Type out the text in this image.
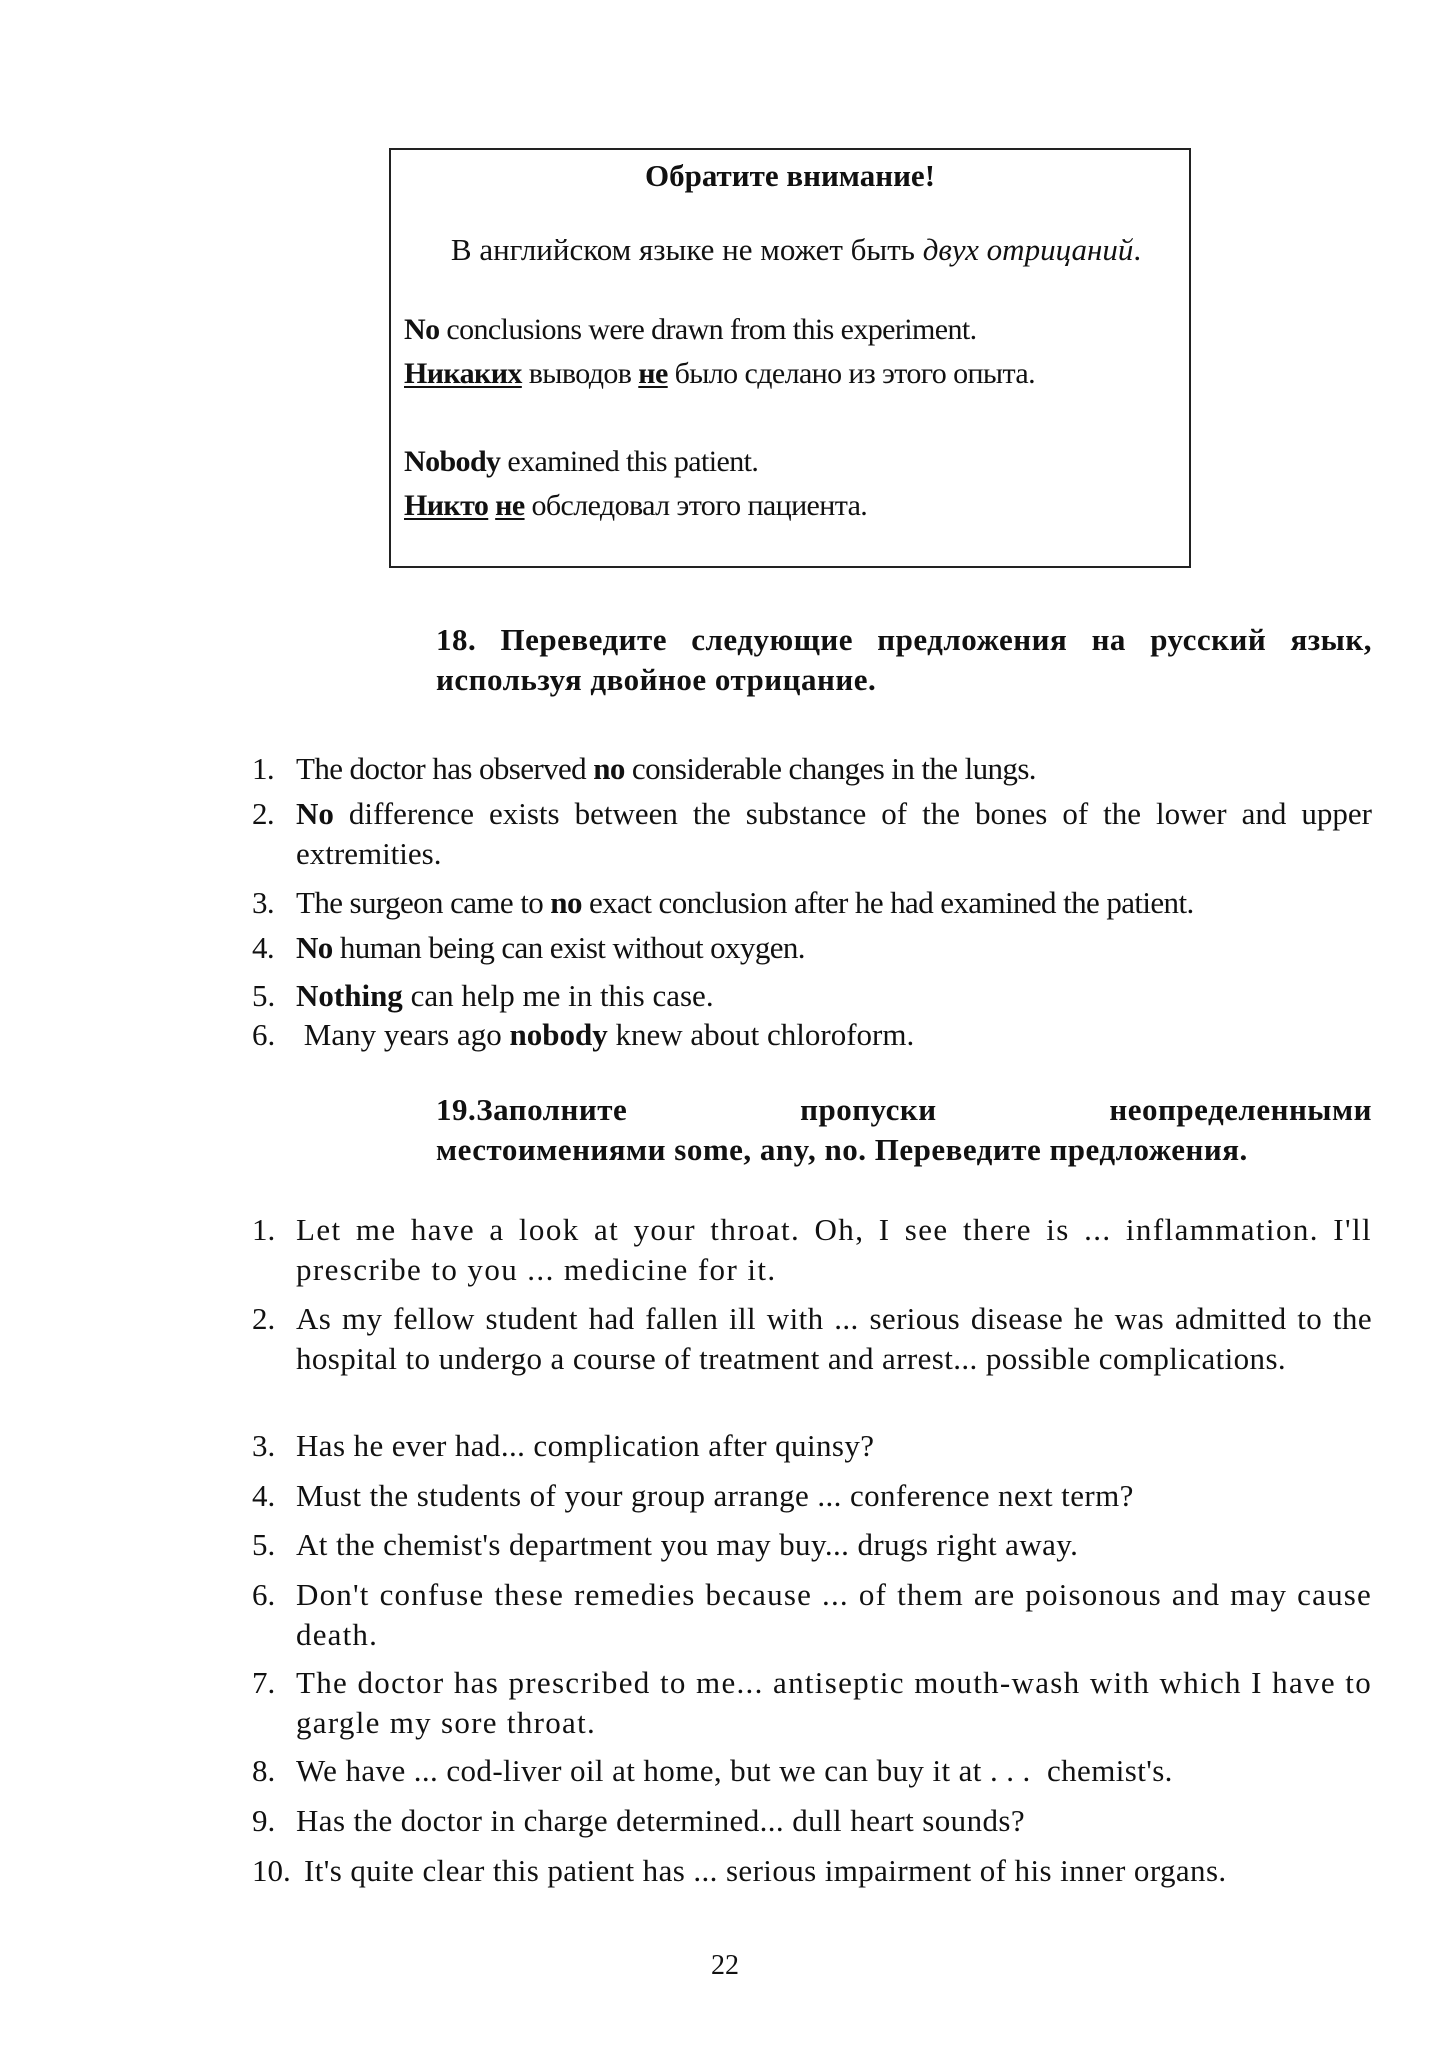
Обратите внимание!
В английском языке не может быть двух отрицаний.
No conclusions were drawn from this experiment.
Никаких выводов не было сделано из этого опыта.
Nobody examined this patient.
Никто не обследовал этого пациента.
18. Переведите следующие предложения на русский язык,
используя двойное отрицание.
1. The doctor has observed no considerable changes in the lungs.
2. No difference exists between the substance of the bones of the lower and upper extremities.
3. The surgeon came to no exact conclusion after he had examined the patient.
4. No human being can exist without oxygen.
5. Nothing can help me in this case.
6. Many years ago nobody knew about chloroform.
19.Заполните пропуски неопределенными
местоимениями some, any, no. Переведите предложения.
1. Let me have a look at your throat. Oh, I see there is ... inflammation. I'll prescribe to you ... medicine for it.
2. As my fellow student had fallen ill with ... serious disease he was admitted to the hospital to undergo a course of treatment and arrest... possible complications.
3. Has he ever had... complication after quinsy?
4. Must the students of your group arrange ... conference next term?
5. At the chemist's department you may buy... drugs right away.
6. Don't confuse these remedies because ... of them are poisonous and may cause death.
7. The doctor has prescribed to me... antiseptic mouth-wash with which I have to gargle my sore throat.
8. We have ... cod-liver oil at home, but we can buy it at . . .  chemist's.
9. Has the doctor in charge determined... dull heart sounds?
10. It's quite clear this patient has ... serious impairment of his inner organs.
22
